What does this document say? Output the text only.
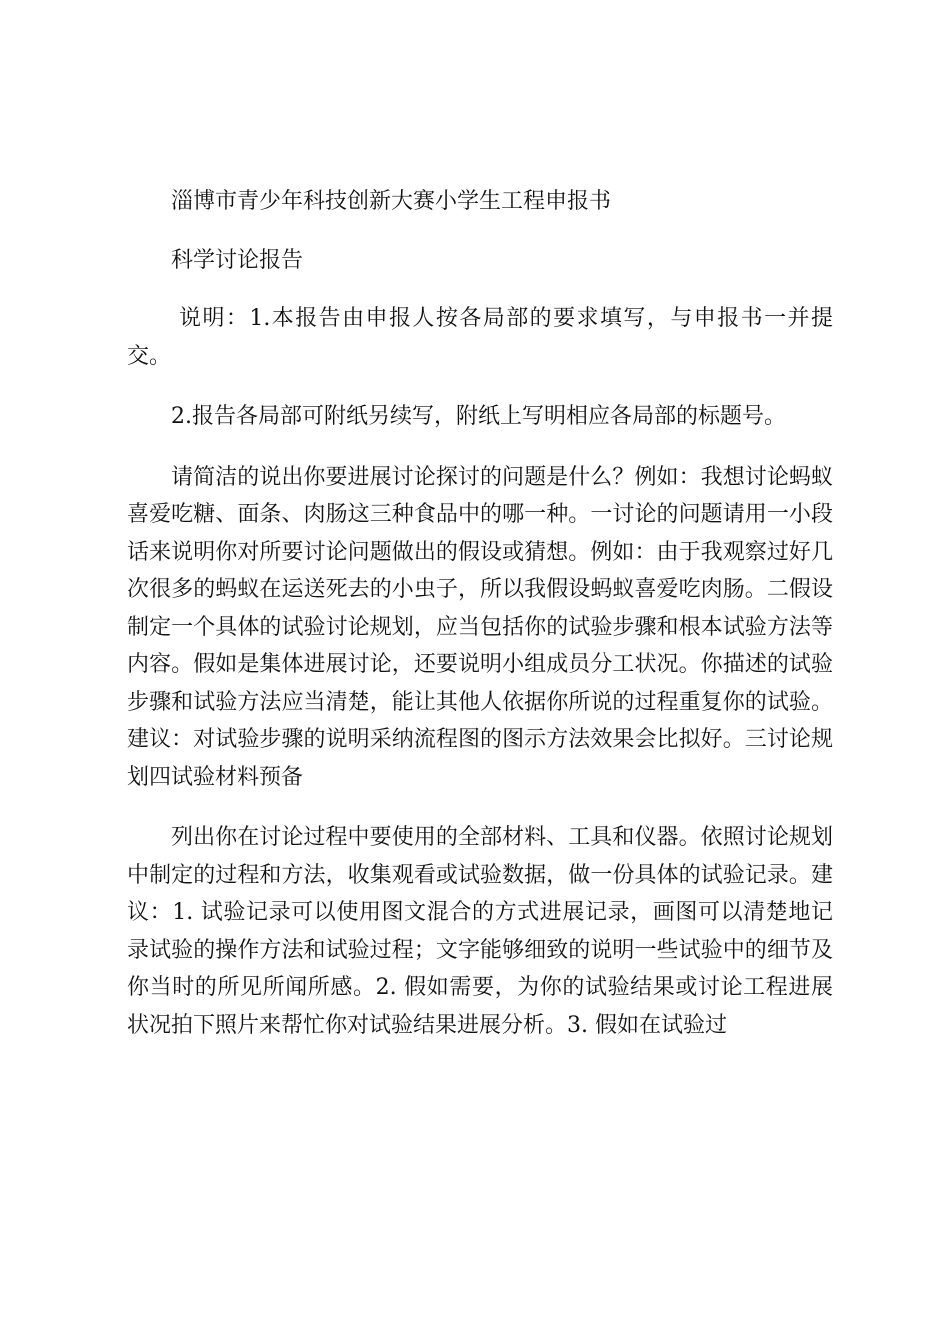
淄博市青少年科技创新大赛小学生工程申报书

科学讨论报告

说明：1.本报告由申报人按各局部的要求填写，与申报书一并提交。

2.报告各局部可附纸另续写，附纸上写明相应各局部的标题号。

请简洁的说出你要进展讨论探讨的问题是什么？例如：我想讨论蚂蚁喜爱吃糖、面条、肉肠这三种食品中的哪一种。一讨论的问题请用一小段话来说明你对所要讨论问题做出的假设或猜想。例如：由于我观察过好几次很多的蚂蚁在运送死去的小虫子，所以我假设蚂蚁喜爱吃肉肠。二假设制定一个具体的试验讨论规划，应当包括你的试验步骤和根本试验方法等内容。假如是集体进展讨论，还要说明小组成员分工状况。你描述的试验步骤和试验方法应当清楚，能让其他人依据你所说的过程重复你的试验。建议：对试验步骤的说明采纳流程图的图示方法效果会比拟好。三讨论规划四试验材料预备

列出你在讨论过程中要使用的全部材料、工具和仪器。依照讨论规划中制定的过程和方法，收集观看或试验数据，做一份具体的试验记录。建议：1. 试验记录可以使用图文混合的方式进展记录，画图可以清楚地记录试验的操作方法和试验过程；文字能够细致的说明一些试验中的细节及你当时的所见所闻所感。2. 假如需要，为你的试验结果或讨论工程进展状况拍下照片来帮忙你对试验结果进展分析。3. 假如在试验过
